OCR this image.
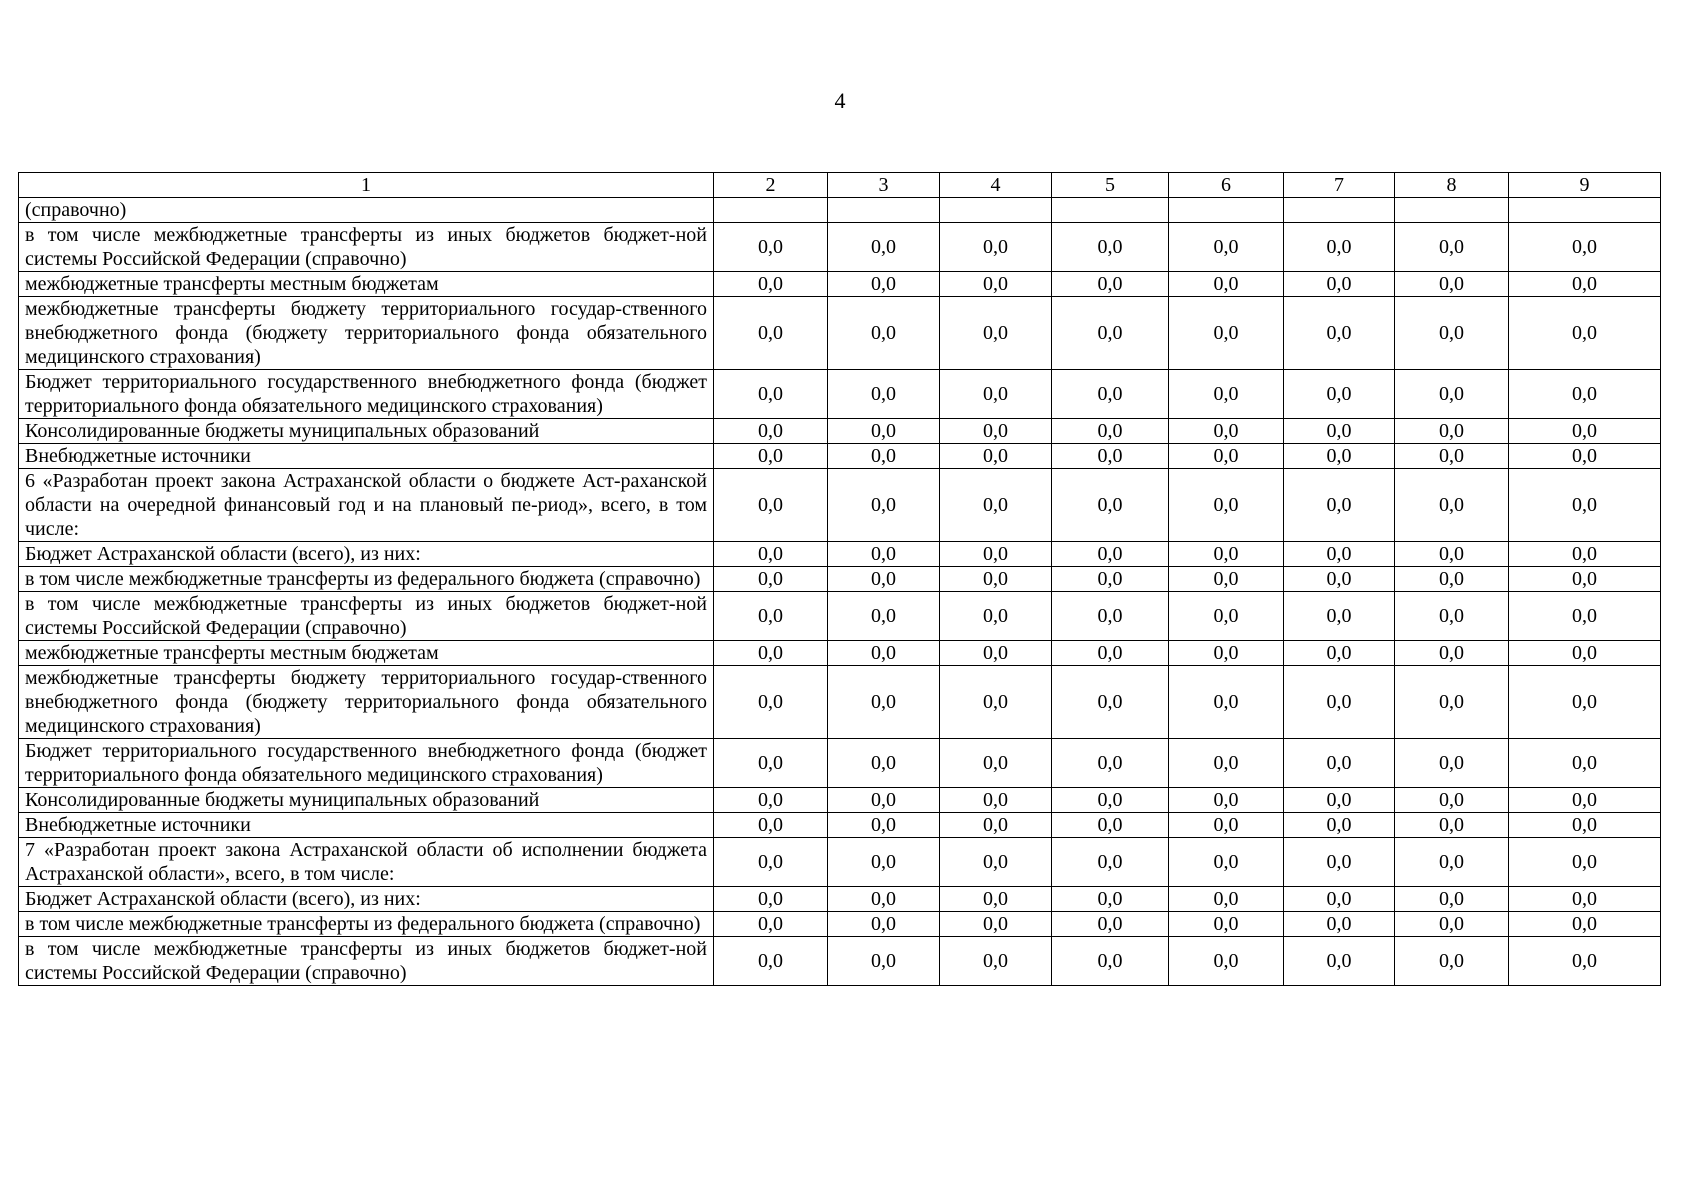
4
1	2	3	4	5	6	7	8	9
(справочно)								
в том числе межбюджетные трансферты из иных бюджетов бюджет-ной системы Российской Федерации (справочно)	0,0	0,0	0,0	0,0	0,0	0,0	0,0	0,0
межбюджетные трансферты местным бюджетам	0,0	0,0	0,0	0,0	0,0	0,0	0,0	0,0
межбюджетные трансферты бюджету территориального государ-ственного внебюджетного фонда (бюджету территориального фонда обязательного медицинского страхования)	0,0	0,0	0,0	0,0	0,0	0,0	0,0	0,0
Бюджет территориального государственного внебюджетного фонда (бюджет территориального фонда обязательного медицинского страхования)	0,0	0,0	0,0	0,0	0,0	0,0	0,0	0,0
Консолидированные бюджеты муниципальных образований	0,0	0,0	0,0	0,0	0,0	0,0	0,0	0,0
Внебюджетные источники	0,0	0,0	0,0	0,0	0,0	0,0	0,0	0,0
6 «Разработан проект закона Астраханской области о бюджете Аст-раханской области на очередной финансовый год и на плановый пе-риод», всего, в том числе:	0,0	0,0	0,0	0,0	0,0	0,0	0,0	0,0
Бюджет Астраханской области (всего), из них:	0,0	0,0	0,0	0,0	0,0	0,0	0,0	0,0
в том числе межбюджетные трансферты из федерального бюджета (справочно)	0,0	0,0	0,0	0,0	0,0	0,0	0,0	0,0
в том числе межбюджетные трансферты из иных бюджетов бюджет-ной системы Российской Федерации (справочно)	0,0	0,0	0,0	0,0	0,0	0,0	0,0	0,0
межбюджетные трансферты местным бюджетам	0,0	0,0	0,0	0,0	0,0	0,0	0,0	0,0
межбюджетные трансферты бюджету территориального государ-ственного внебюджетного фонда (бюджету территориального фонда обязательного медицинского страхования)	0,0	0,0	0,0	0,0	0,0	0,0	0,0	0,0
Бюджет территориального государственного внебюджетного фонда (бюджет территориального фонда обязательного медицинского страхования)	0,0	0,0	0,0	0,0	0,0	0,0	0,0	0,0
Консолидированные бюджеты муниципальных образований	0,0	0,0	0,0	0,0	0,0	0,0	0,0	0,0
Внебюджетные источники	0,0	0,0	0,0	0,0	0,0	0,0	0,0	0,0
7 «Разработан проект закона Астраханской области об исполнении бюджета Астраханской области», всего, в том числе:	0,0	0,0	0,0	0,0	0,0	0,0	0,0	0,0
Бюджет Астраханской области (всего), из них:	0,0	0,0	0,0	0,0	0,0	0,0	0,0	0,0
в том числе межбюджетные трансферты из федерального бюджета (справочно)	0,0	0,0	0,0	0,0	0,0	0,0	0,0	0,0
в том числе межбюджетные трансферты из иных бюджетов бюджет-ной системы Российской Федерации (справочно)	0,0	0,0	0,0	0,0	0,0	0,0	0,0	0,0
